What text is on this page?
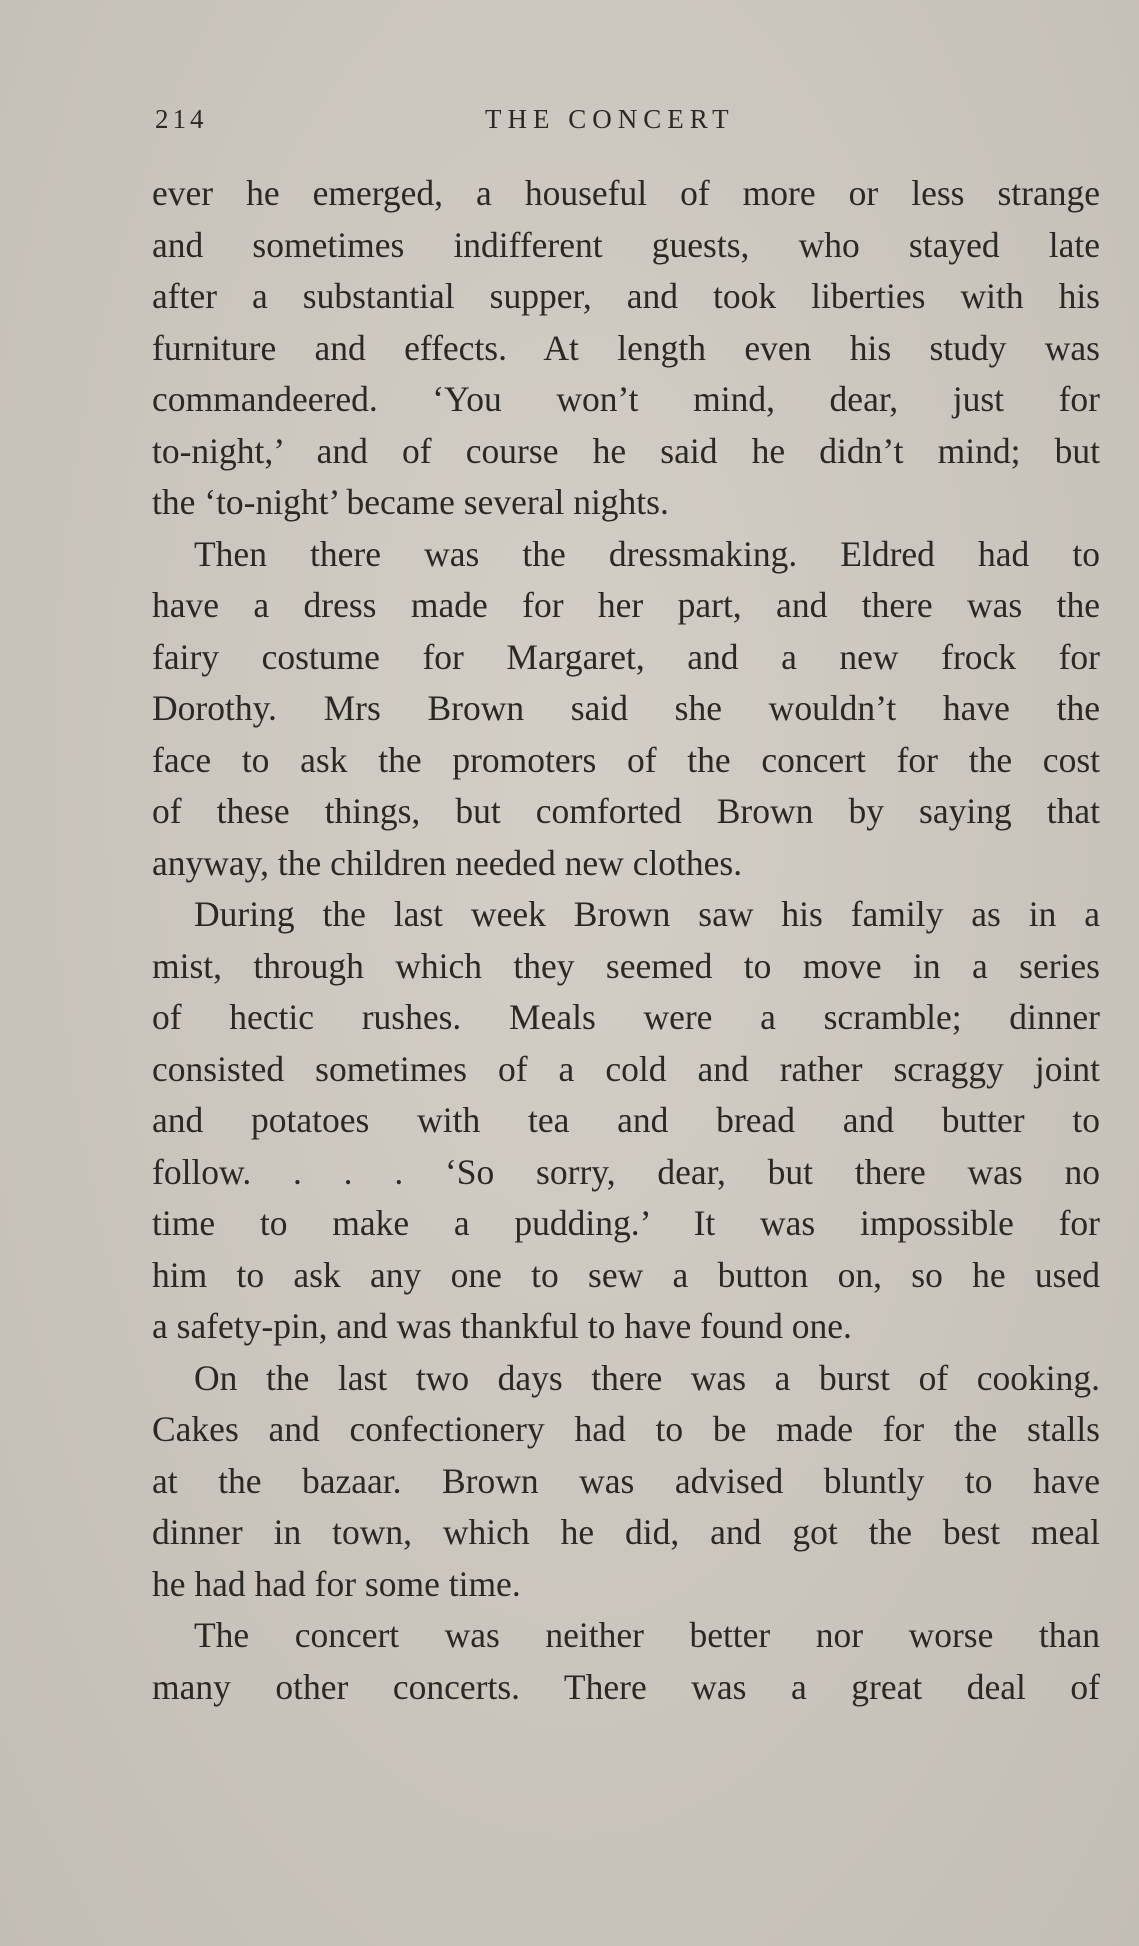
214	THE CONCERT
ever he emerged, a houseful of more or less strange
and sometimes indifferent guests, who stayed late
after a substantial supper, and took liberties with his
furniture and effects. At length even his study was
commandeered. ‘You won’t mind, dear, just for
to-night,’ and of course he said he didn’t mind; but
the ‘to-night’ became several nights.
Then there was the dressmaking. Eldred had to
have a dress made for her part, and there was the
fairy costume for Margaret, and a new frock for
Dorothy. Mrs Brown said she wouldn’t have the
face to ask the promoters of the concert for the cost
of these things, but comforted Brown by saying that
anyway, the children needed new clothes.
During the last week Brown saw his family as in a
mist, through which they seemed to move in a series
of hectic rushes. Meals were a scramble; dinner
consisted sometimes of a cold and rather scraggy joint
and potatoes with tea and bread and butter to
follow. . . . ‘So sorry, dear, but there was no
time to make a pudding.’ It was impossible for
him to ask any one to sew a button on, so he used
a safety-pin, and was thankful to have found one.
On the last two days there was a burst of cooking.
Cakes and confectionery had to be made for the stalls
at the bazaar. Brown was advised bluntly to have
dinner in town, which he did, and got the best meal
he had had for some time.
The concert was neither better nor worse than
many other concerts. There was a great deal of
